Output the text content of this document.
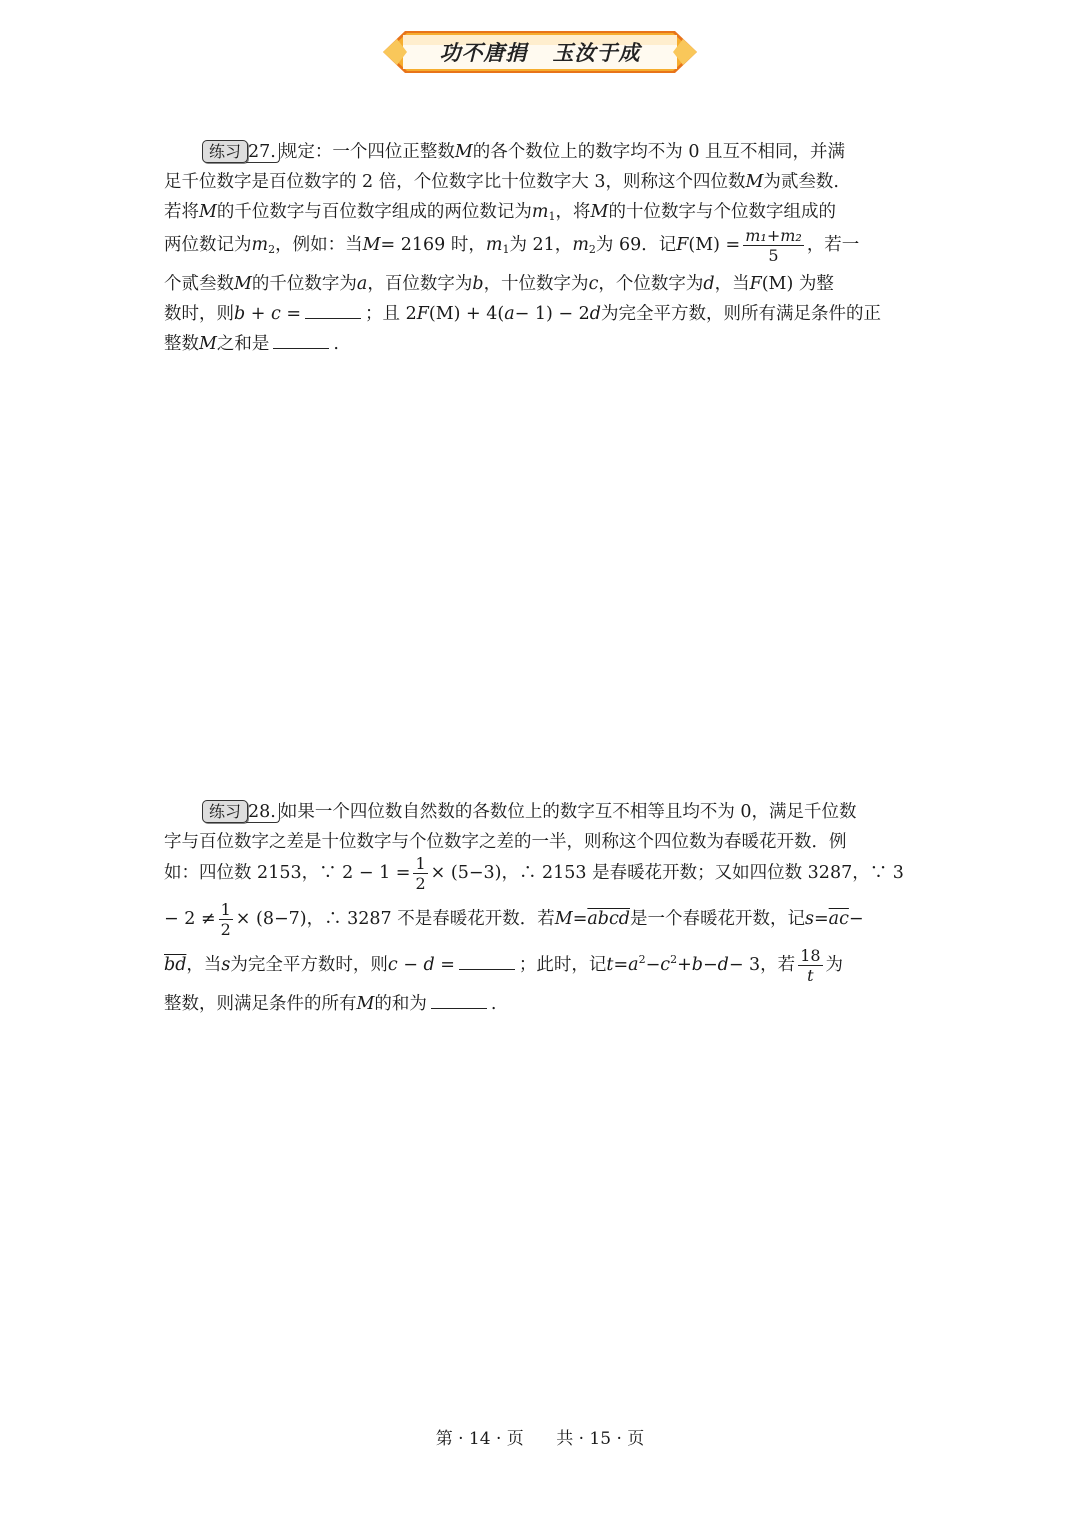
功不唐捐   玉汝于成
练习 27. 规定：一个四位正整数M的各个数位上的数字均不为 0 且互不相同，并满
足千位数字是百位数字的 2 倍，个位数字比十位数字大 3，则称这个四位数M为贰叁数.
若将M的千位数字与百位数字组成的两位数记为$m_1$，将M的十位数字与个位数字组成的
两位数记为$m_2$，例如：当M= 2169 时，$m_1$为 21，$m_2$为 69．记$F(M) = \frac{\text{m₁+m₂}}{5}$ ，若一
个贰叁数M的千位数字为a，百位数字为b，十位数字为c，个位数字为d，当F(M) 为整
数时，则b + c =	；且 2F(M) + 4(a− 1) − 2d为完全平方数，则所有满足条件的正
整数M之和是	.
练习 28. 如果一个四位数自然数的各数位上的数字互不相等且均不为 0，满足千位数
字与百位数字之差是十位数字与个位数字之差的一半，则称这个四位数为春暖花开数．例
如：四位数 2153，∵ $2 - 1 = \frac{1}{2} \times (5-3)$，∴ 2153 是春暖花开数；又如四位数 3287，∵ 3
− $2 \ne \frac{1}{2} \times (8-7)$，∴ 3287 不是春暖花开数．若M=abcd是一个春暖花开数，记$s=\overline{ac}-$
$\overline{bd}$，当s为完全平方数时，则c − d =	；此时，记$t=a^2-c^2+b-d- 3$，若 $\frac{18}{t}$ 为
整数，则满足条件的所有M的和为	.
第 · 14 · 页      共 · 15 · 页
